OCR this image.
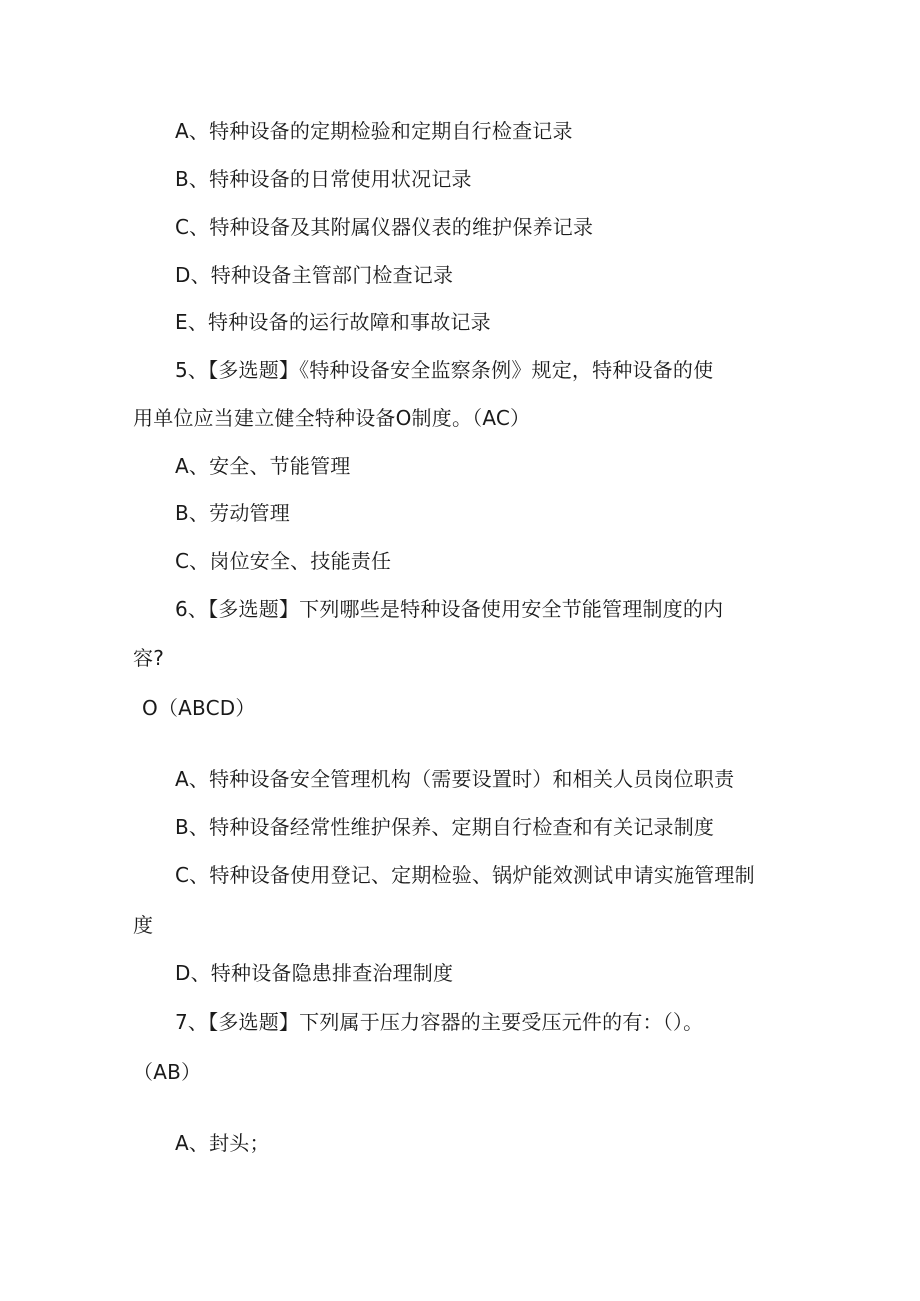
A、特种设备的定期检验和定期自行检查记录
B、特种设备的日常使用状况记录
C、特种设备及其附属仪器仪表的维护保养记录
D、特种设备主管部门检查记录
E、特种设备的运行故障和事故记录
5、【多选题】《特种设备安全监察条例》规定，特种设备的使
用单位应当建立健全特种设备O制度。（AC）
A、安全、节能管理
B、劳动管理
C、岗位安全、技能责任
6、【多选题】下列哪些是特种设备使用安全节能管理制度的内
容?
O（ABCD）
A、特种设备安全管理机构（需要设置时）和相关人员岗位职责
B、特种设备经常性维护保养、定期自行检查和有关记录制度
C、特种设备使用登记、定期检验、锅炉能效测试申请实施管理制
度
D、特种设备隐患排查治理制度
7、【多选题】下列属于压力容器的主要受压元件的有：（）。
（AB）
A、封头；
